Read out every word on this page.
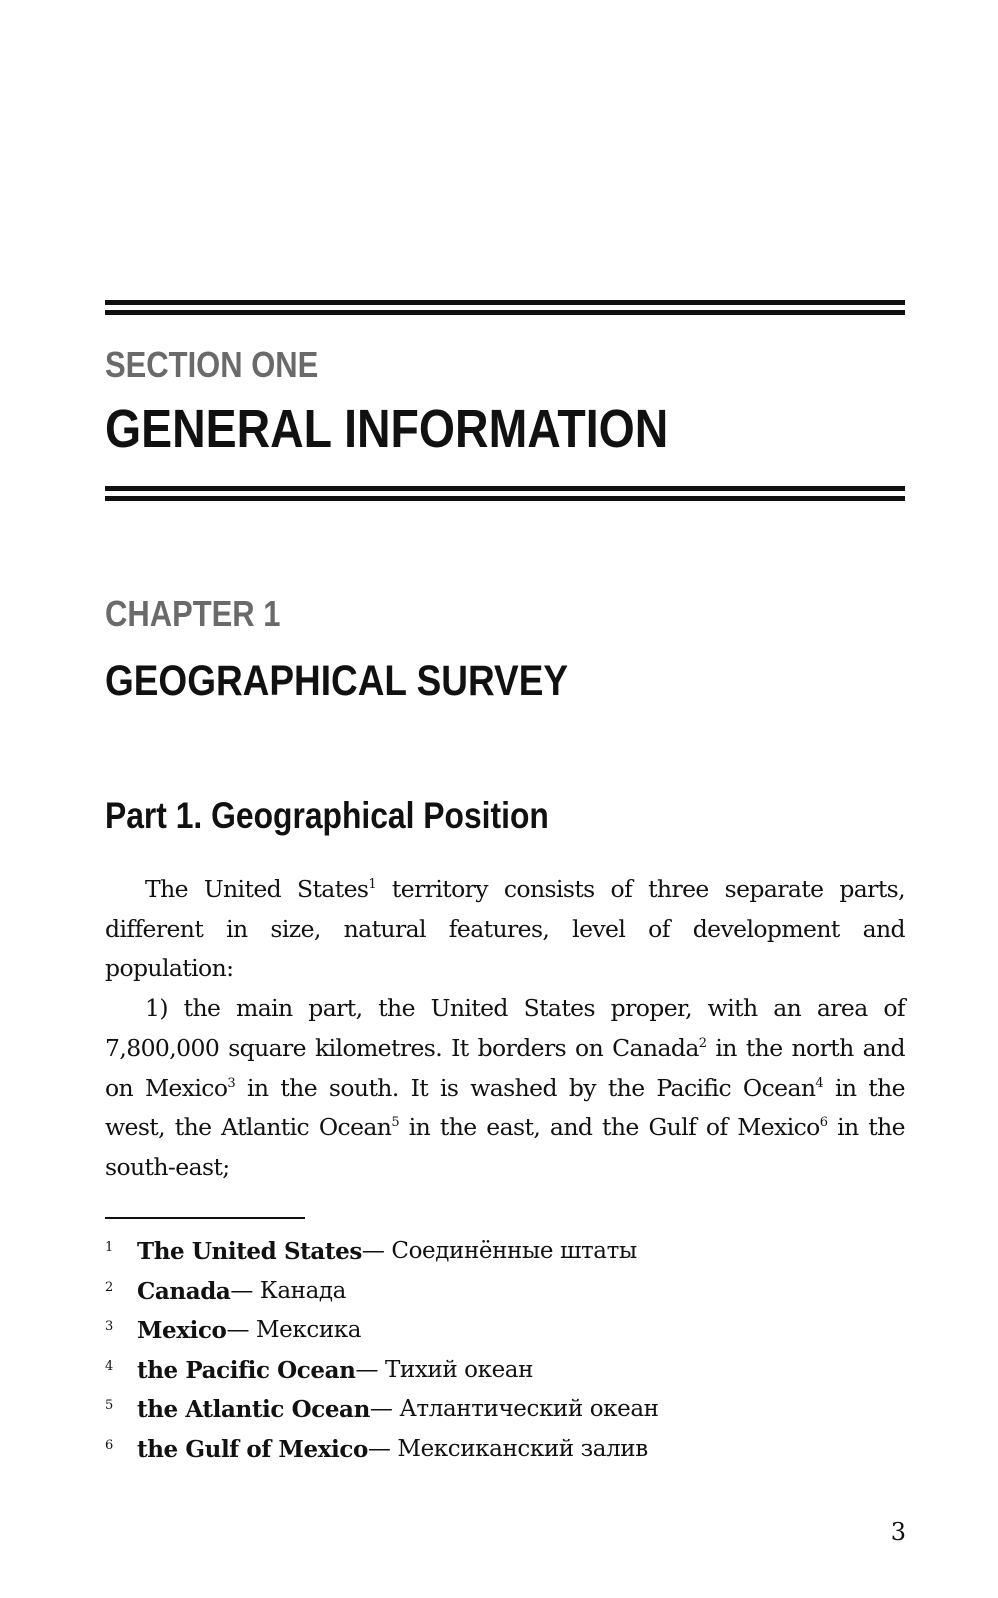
SECTION ONE
GENERAL INFORMATION
CHAPTER 1
GEOGRAPHICAL SURVEY
Part 1. Geographical Position

The United States$^1$ territory consists of three separate parts, different in size, natural features, level of development and population:

1) the main part, the United States proper, with an area of 7,800,000 square kilometres. It borders on Canada$^2$ in the north and on Mexico$^3$ in the south. It is washed by the Pacific Ocean$^4$ in the west, the Atlantic Ocean$^5$ in the east, and the Gulf of Mexico$^6$ in the south-east;

1	The United States — Соединённые штаты
2	Canada — Канада
3	Mexico — Мексика
4	the Pacific Ocean — Тихий океан
5	the Atlantic Ocean — Атлантический океан
6	the Gulf of Mexico — Мексиканский залив
3
